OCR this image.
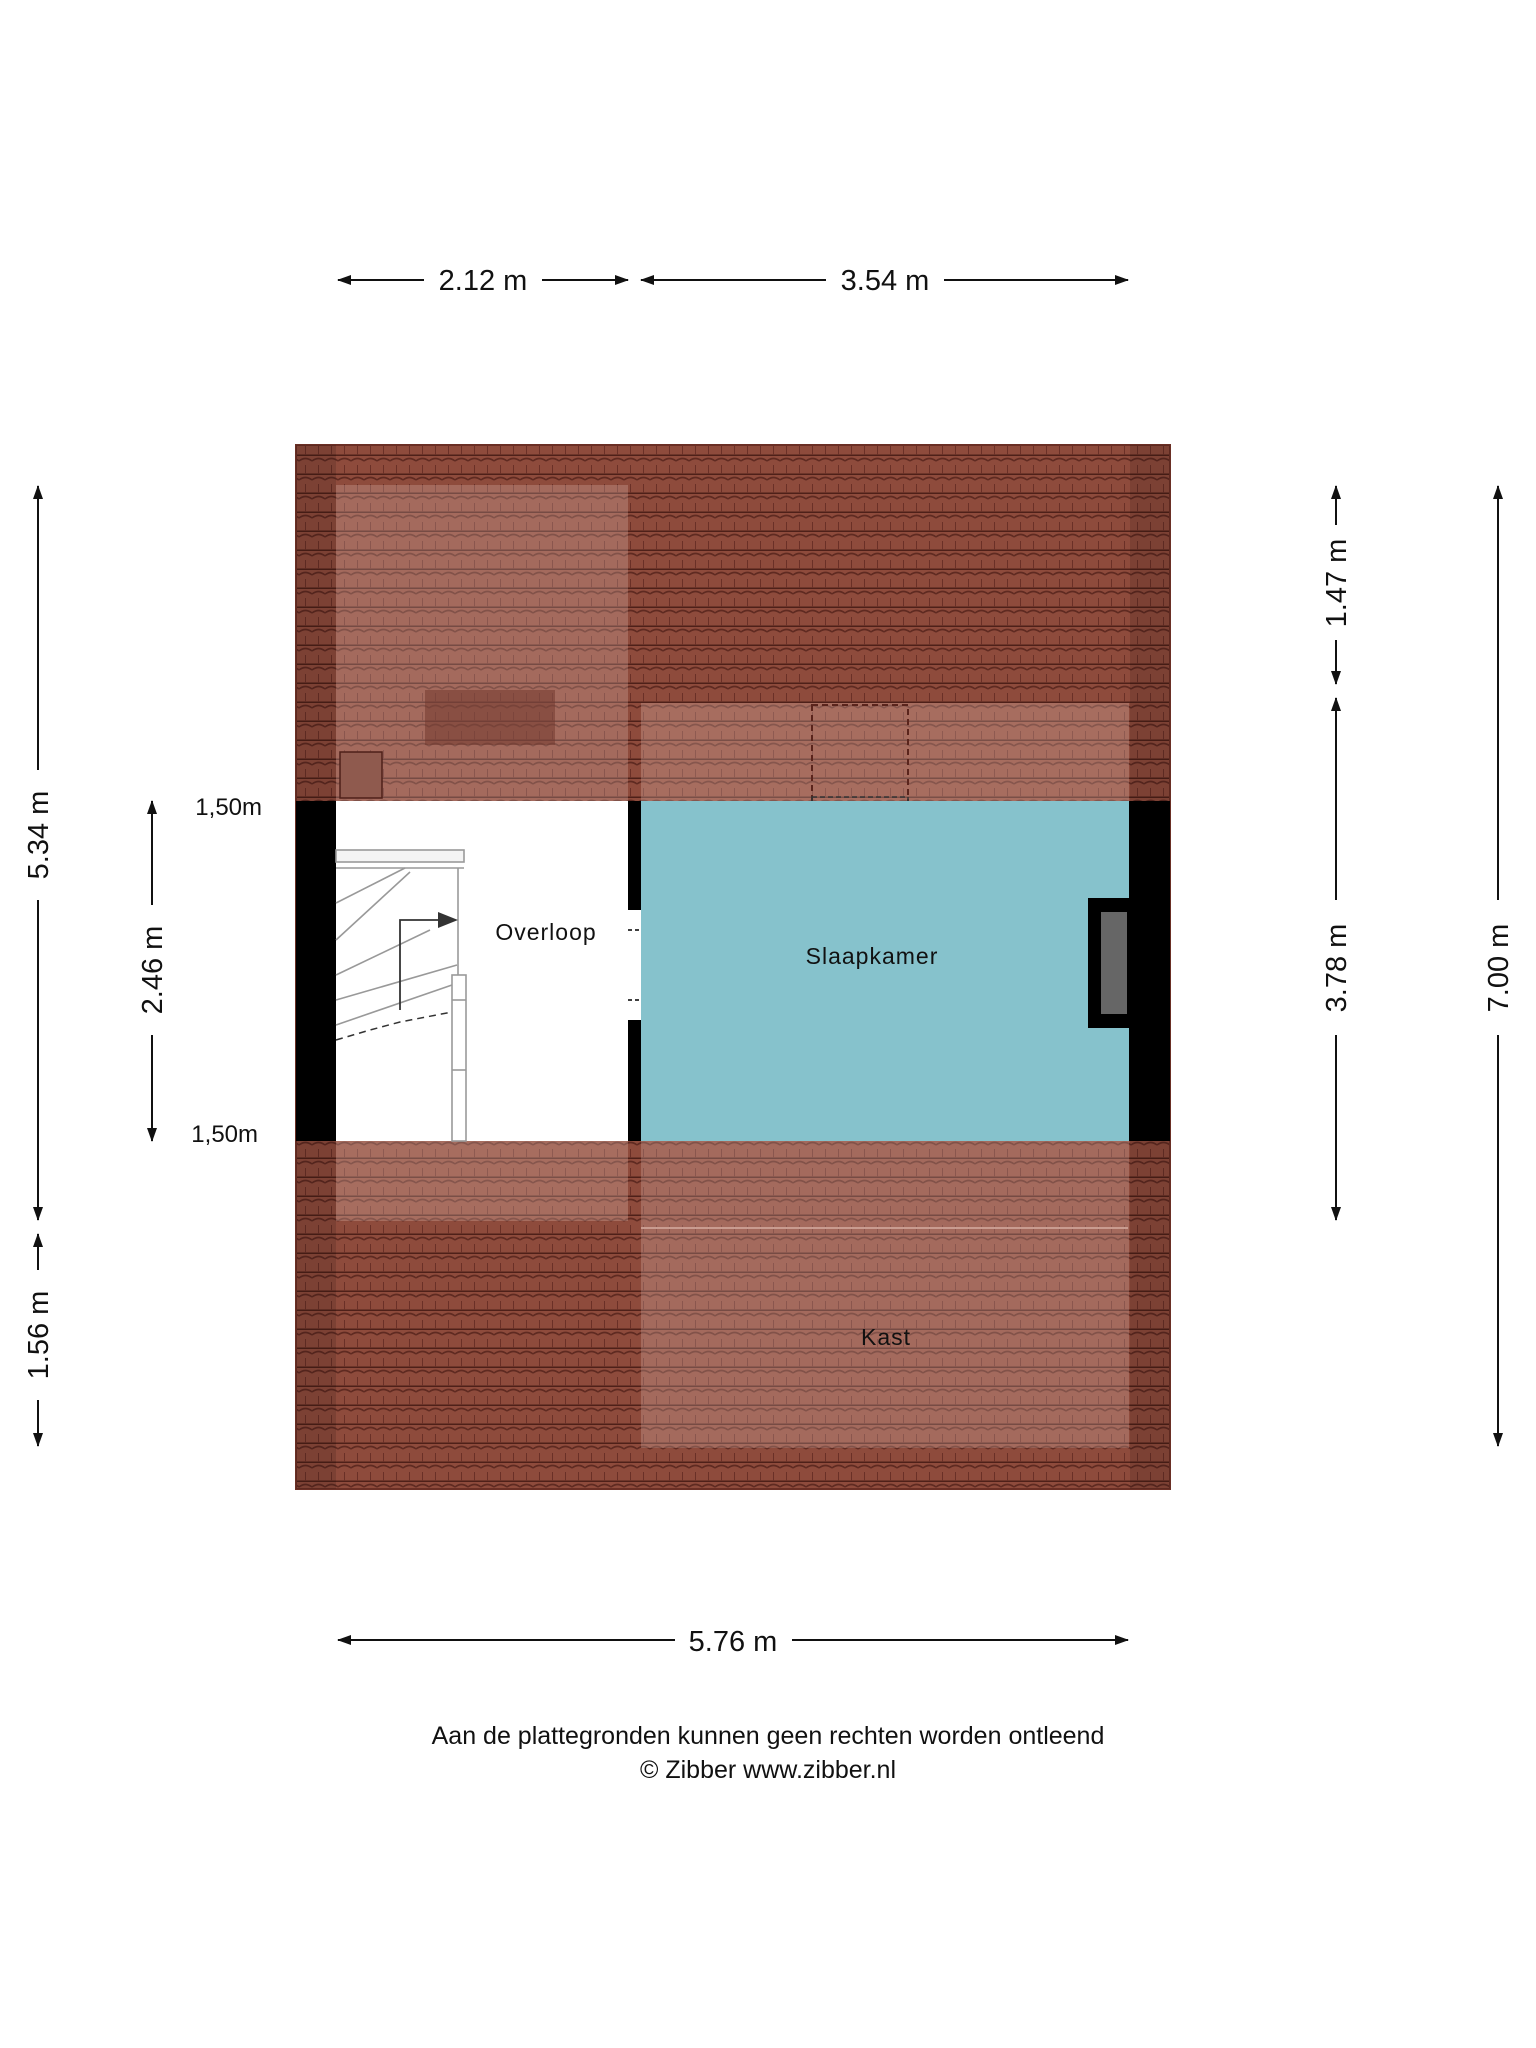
Overloop
Slaapkamer
Kast
2.12 m	3.54 m
5.76 m
5.34 m
1.56 m
2.46 m
1,50m
1,50m
1.47 m
3.78 m	7.00 m
Aan de plattegronden kunnen geen rechten worden ontleend
© Zibber www.zibber.nl
